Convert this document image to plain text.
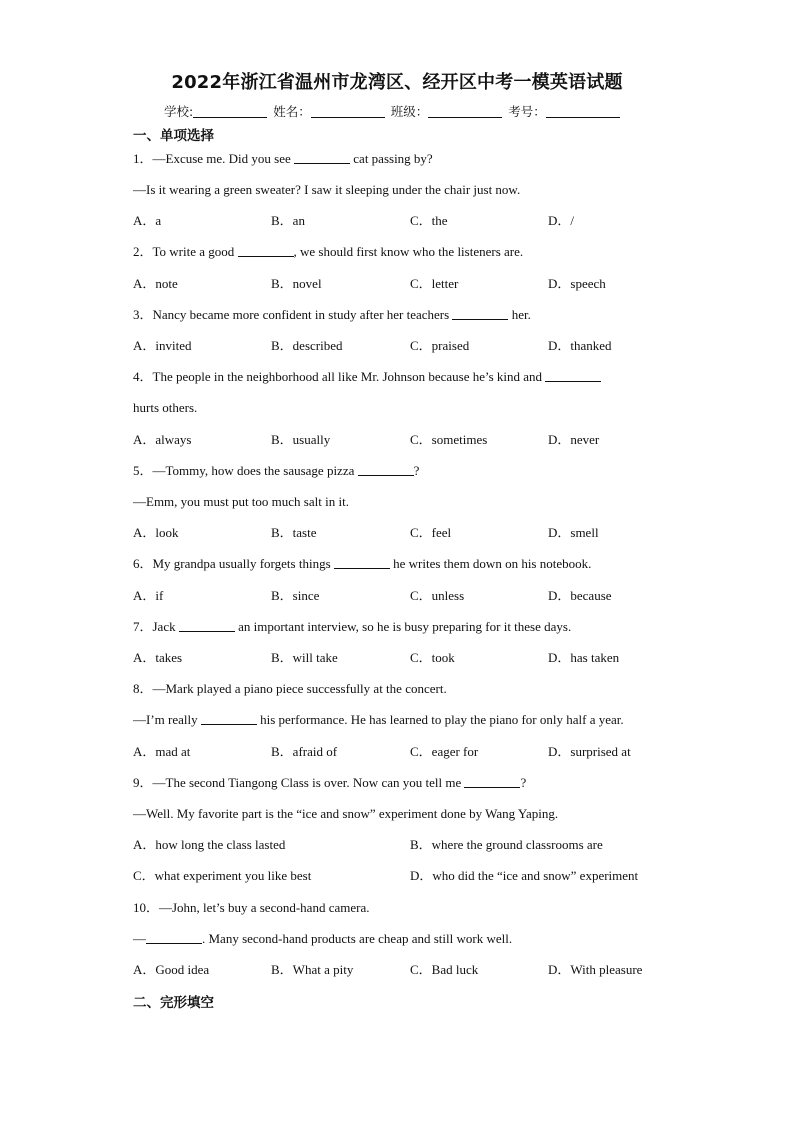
2022年浙江省温州市龙湾区、经开区中考一模英语试题
学校:	姓名：	班级：	考号：
一、单项选择
1．—Excuse me. Did you see	cat passing by?
—Is it wearing a green sweater? I saw it sleeping under the chair just now.
A．a	B．an	C．the	D．/
2．To write a good	, we should first know who the listeners are.
A．note	B．novel	C．letter	D．speech
3．Nancy became more confident in study after her teachers	her.
A．invited	B．described	C．praised	D．thanked
4．The people in the neighborhood all like Mr. Johnson because he’s kind and
hurts others.
A．always	B．usually	C．sometimes	D．never
5．—Tommy, how does the sausage pizza	?
—Emm, you must put too much salt in it.
A．look	B．taste	C．feel	D．smell
6．My grandpa usually forgets things	he writes them down on his notebook.
A．if	B．since	C．unless	D．because
7．Jack	an important interview, so he is busy preparing for it these days.
A．takes	B．will take	C．took	D．has taken
8．—Mark played a piano piece successfully at the concert.
—I’m really	his performance. He has learned to play the piano for only half a year.
A．mad at	B．afraid of	C．eager for	D．surprised at
9．—The second Tiangong Class is over. Now can you tell me	?
—Well. My favorite part is the “ice and snow” experiment done by Wang Yaping.
A．how long the class lasted	B．where the ground classrooms are
C．what experiment you like best	D．who did the “ice and snow” experiment
10．—John, let’s buy a second-hand camera.
—	. Many second-hand products are cheap and still work well.
A．Good idea	B．What a pity	C．Bad luck	D．With pleasure
二、完形填空
